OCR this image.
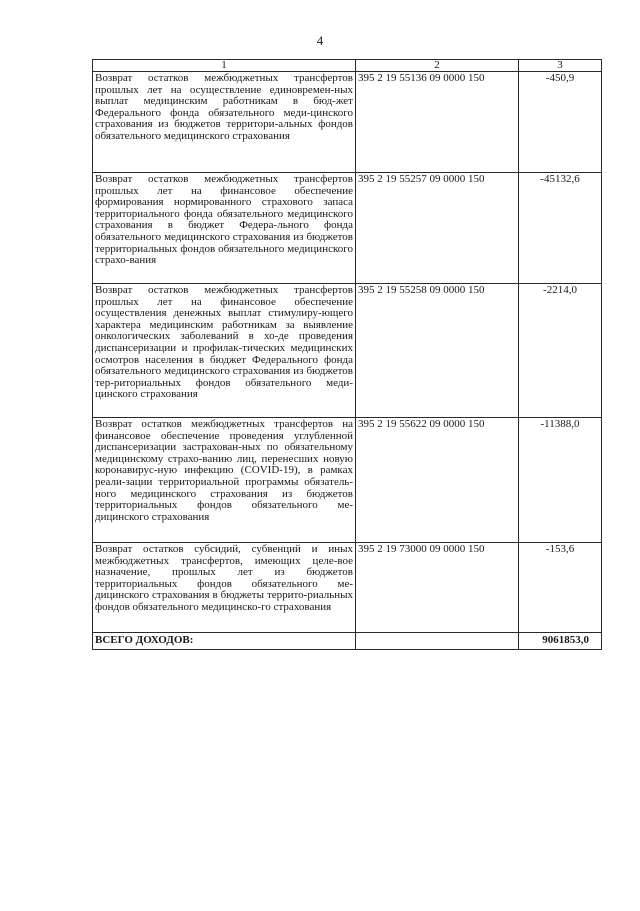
4
1	2	3
Возврат остатков межбюджетных трансфертов прошлых лет на осуществление единовремен-ных выплат медицинским работникам в бюд-жет Федерального фонда обязательного меди-цинского страхования из бюджетов территори-альных фондов обязательного медицинского страхования	395 2 19 55136 09 0000 150	-450,9
Возврат остатков межбюджетных трансфертов прошлых лет на финансовое обеспечение формирования нормированного страхового запаса территориального фонда обязательного медицинского страхования в бюджет Федера-льного фонда обязательного медицинского страхования из бюджетов территориальных фондов обязательного медицинского страхо-вания	395 2 19 55257 09 0000 150	-45132,6
Возврат остатков межбюджетных трансфертов прошлых лет на финансовое обеспечение осуществления денежных выплат стимулиру-ющего характера медицинским работникам за выявление онкологических заболеваний в хо-де проведения диспансеризации и профилак-тических медицинских осмотров населения в бюджет Федерального фонда обязательного медицинского страхования из бюджетов тер-риториальных фондов обязательного меди-цинского страхования	395 2 19 55258 09 0000 150	-2214,0
Возврат остатков межбюджетных трансфертов на финансовое обеспечение проведения углубленной диспансеризации застрахован-ных по обязательному медицинскому страхо-ванию лиц, перенесших новую коронавирус-ную инфекцию (COVID-19), в рамках реали-зации территориальной программы обязатель-ного медицинского страхования из бюджетов территориальных фондов обязательного ме-дицинского страхования	395 2 19 55622 09 0000 150	-11388,0
Возврат остатков субсидий, субвенций и иных межбюджетных трансфертов, имеющих целе-вое назначение, прошлых лет из бюджетов территориальных фондов обязательного ме-дицинского страхования в бюджеты террито-риальных фондов обязательного медицинско-го страхования	395 2 19 73000 09 0000 150	-153,6
ВСЕГО ДОХОДОВ:		9061853,0
